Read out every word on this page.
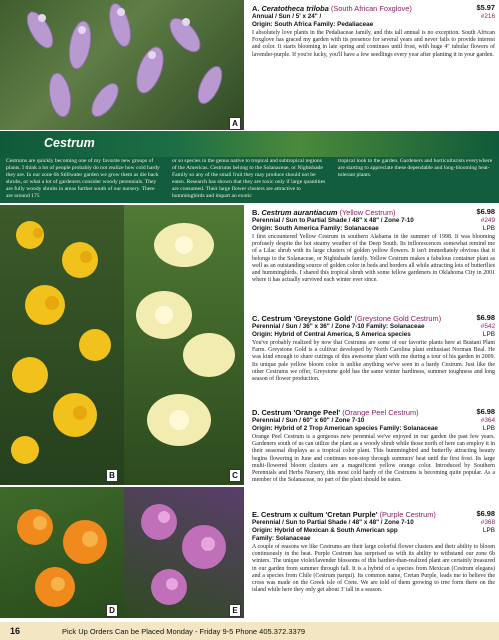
A
A. Ceratotheca triloba (South African Foxglove)
Annual / Sun / 5' x 24" /
Origin: South Africa Family: Pedaliaceae
$5.97
#216

I absolutely love plants in the Pedaliaceae family, and this tall annual is no exception. South African Foxglove has graced my garden with its presence for several years and never fails to provide interest and color. It starts blooming in late spring and continues until frost, with huge 4" tubular flowers of lavender-purple. If you're lucky, you'll have a few seedlings every year after planting it in your garden.

Cestrum

Cestrums are quickly becoming one of my favorite new groups of plants. I think a lot of people probably do not realize how cold hardy they are. In our zone 6b Stillwater garden we grow them as die back shrubs, or what a lot of gardeners consider woody perennials. They are fully woody shrubs in areas further south of our nursery. There are around 175

or so species in the genus native to tropical and subtropical regions of the Americas. Cestrums belong to the Solanaceae, or Nightshade Family so any of the small fruit they may produce should not be eaten. Research has shown that they are toxic only if large quantities are consumed. Their large flower clusters are attractive to hummingbirds and impart an exotic

tropical look to the garden. Gardeners and horticulturists everywhere are starting to appreciate these dependable and long-blooming heat-tolerant plants.

B	C
D	E
B. Cestrum aurantiacum (Yellow Cestrum)
Perennial / Sun to Partial Shade / 48" x 48" / Zone 7-10
Origin: South America Family: Solanaceae
$6.98
#249
LPB

I first encountered Yellow Cestrum in southern Alabama in the summer of 1998. It was blooming profusely despite the hot steamy weather of the Deep South. Its inflorescences somewhat remind me of a Lilac shrub with its large clusters of golden yellow flowers. It isn't immediately obvious that it belongs to the Solanaceae, or Nightshade family. Yellow Cestrum makes a fabulous container plant as well as an outstanding source of golden color in beds and borders all while attracting lots of butterflies and hummingbirds. I shared this tropical shrub with some fellow gardeners in Oklahoma City in 2001 where it has actually survived each winter ever since.

C. Cestrum 'Greystone Gold' (Greystone Gold Cestrum)
Perennial / Sun / 36" x 36" / Zone 7-10 Family: Solanaceae
Origin: Hybrid of Central America, S America species
$6.98
#542
LPB

You've probably realized by now that Cestrums are some of our favorite plants here at Bustani Plant Farm. Greystone Gold is a cultivar developed by North Carolina plant enthusiast Norman Beal. He was kind enough to share cuttings of this awesome plant with me during a tour of his garden in 2009. Its unique pale yellow bloom color is unlike anything we've seen in a hardy Cestrum. Just like the other Cestrums we offer, Greystone gold has the same winter hardiness, summer toughness and long season of flower production.

D. Cestrum 'Orange Peel' (Orange Peel Cestrum)
Perennial / Sun / 60" x 60" / Zone 7-10
Origin: Hybrid of 2 Trop American species Family: Solanaceae
$6.98
#364
LPB

Orange Peel Cestrum is a gorgeous new perennial we've enjoyed in our garden the past few years. Gardeners south of us can utilize the plant as a woody shrub while those north of here can employ it in their seasonal displays as a tropical color plant. This hummingbird and butterfly attracting beauty begins flowering in June and continues non-stop through summers' heat until the first frost. Its large multi-flowered bloom clusters are a magnificent yellow orange color. Introduced by Southern Perennials and Herbs Nursery, this most cold hardy of the Cestrums is becoming quite popular. As a member of the Solanaceae, no part of the plant should be eaten.

E. Cestrum x cultum 'Cretan Purple' (Purple Cestrum)
Perennial / Sun to Partial Shade / 48" x 48" / Zone 7-10
Origin: Hybrid of Mexican & South American spp
Family: Solanaceae
$6.98
#368
LPB

A couple of reasons we like Cestrums are their large colorful flower clusters and their ability to bloom continuously in the heat. Purple Cestrum has surprised us with its ability to withstand our zone 6b winters. The unique violet/lavender blossoms of this hardier-than-realized plant are certainly treasured in our garden from summer through fall. It is a hybrid of a species from Mexican (Cestrum elegans) and a species from Chile (Cestrum parqui). Its common name, Cretan Purple, leads me to believe the cross was made on the Greek isle of Crete. We are told of them growing to tree form there on the island while here they only get about 3' tall in a season.

16	Pick Up Orders Can be Placed Monday - Friday 9-5 Phone 405.372.3379
